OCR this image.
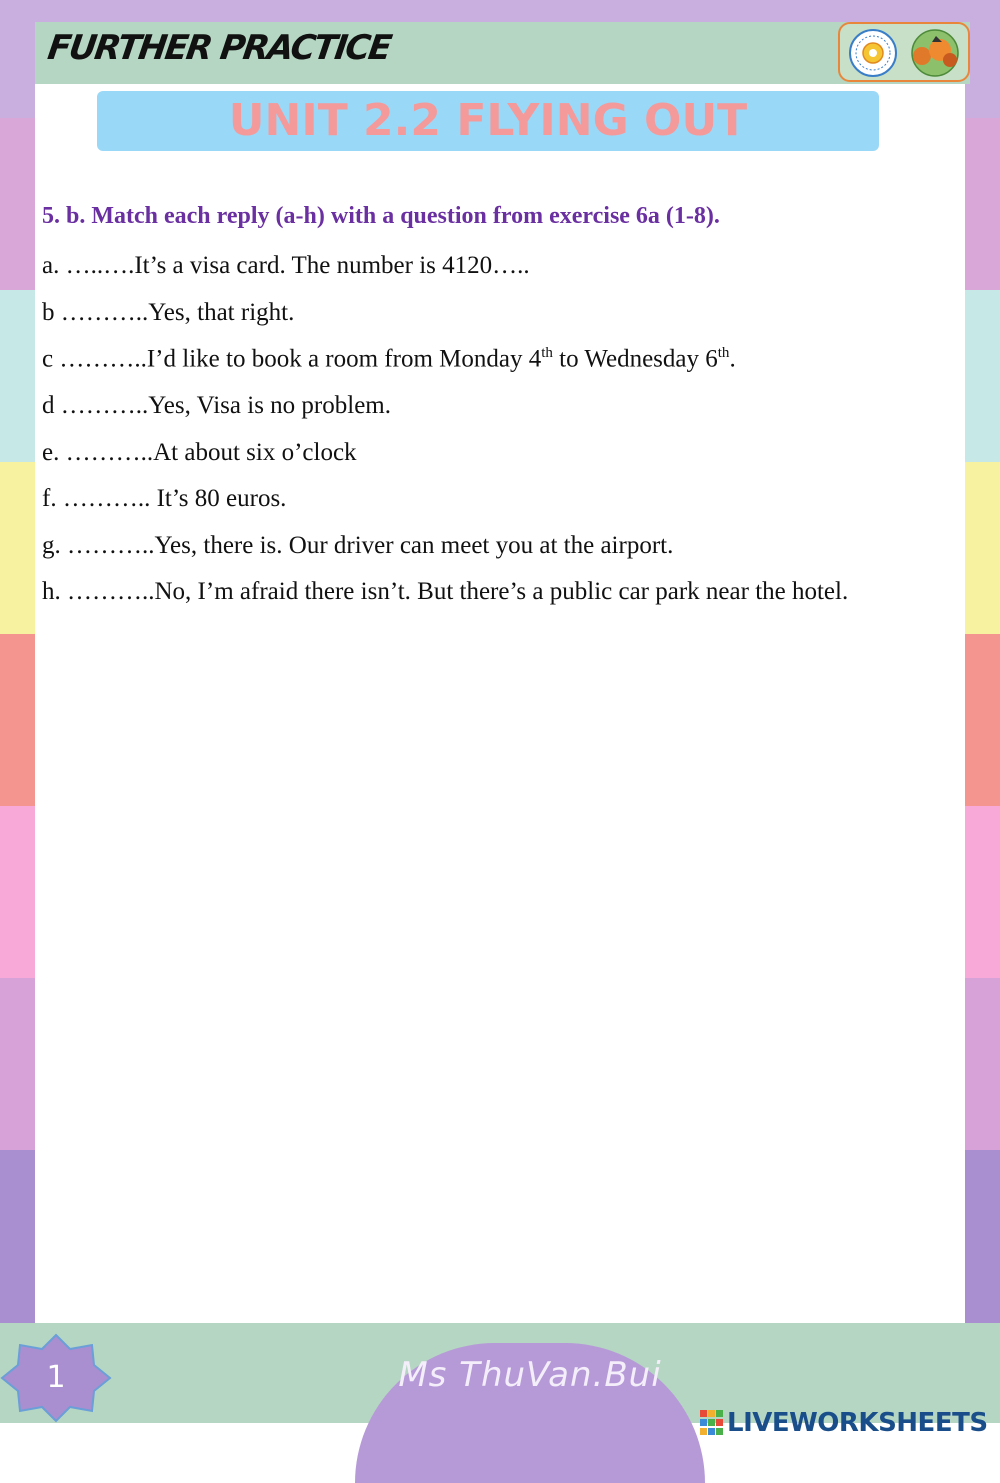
FURTHER PRACTICE
UNIT 2.2 FLYING OUT
5. b. Match each reply (a-h) with a question from exercise 6a (1-8).
a. …..….It’s a visa card. The number is 4120…..
b ………..Yes, that right.
c ………..I’d like to book a room from Monday 4th to Wednesday 6th.
d ………..Yes, Visa is no problem.
e. ………..At about six o’clock
f. ……….. It’s 80 euros.
g. ………..Yes, there is. Our driver can meet you at the airport.
h. ………..No, I’m afraid there isn’t. But there’s a public car park near the hotel.
1	Ms ThuVan.Bui
LIVEWORKSHEETS
